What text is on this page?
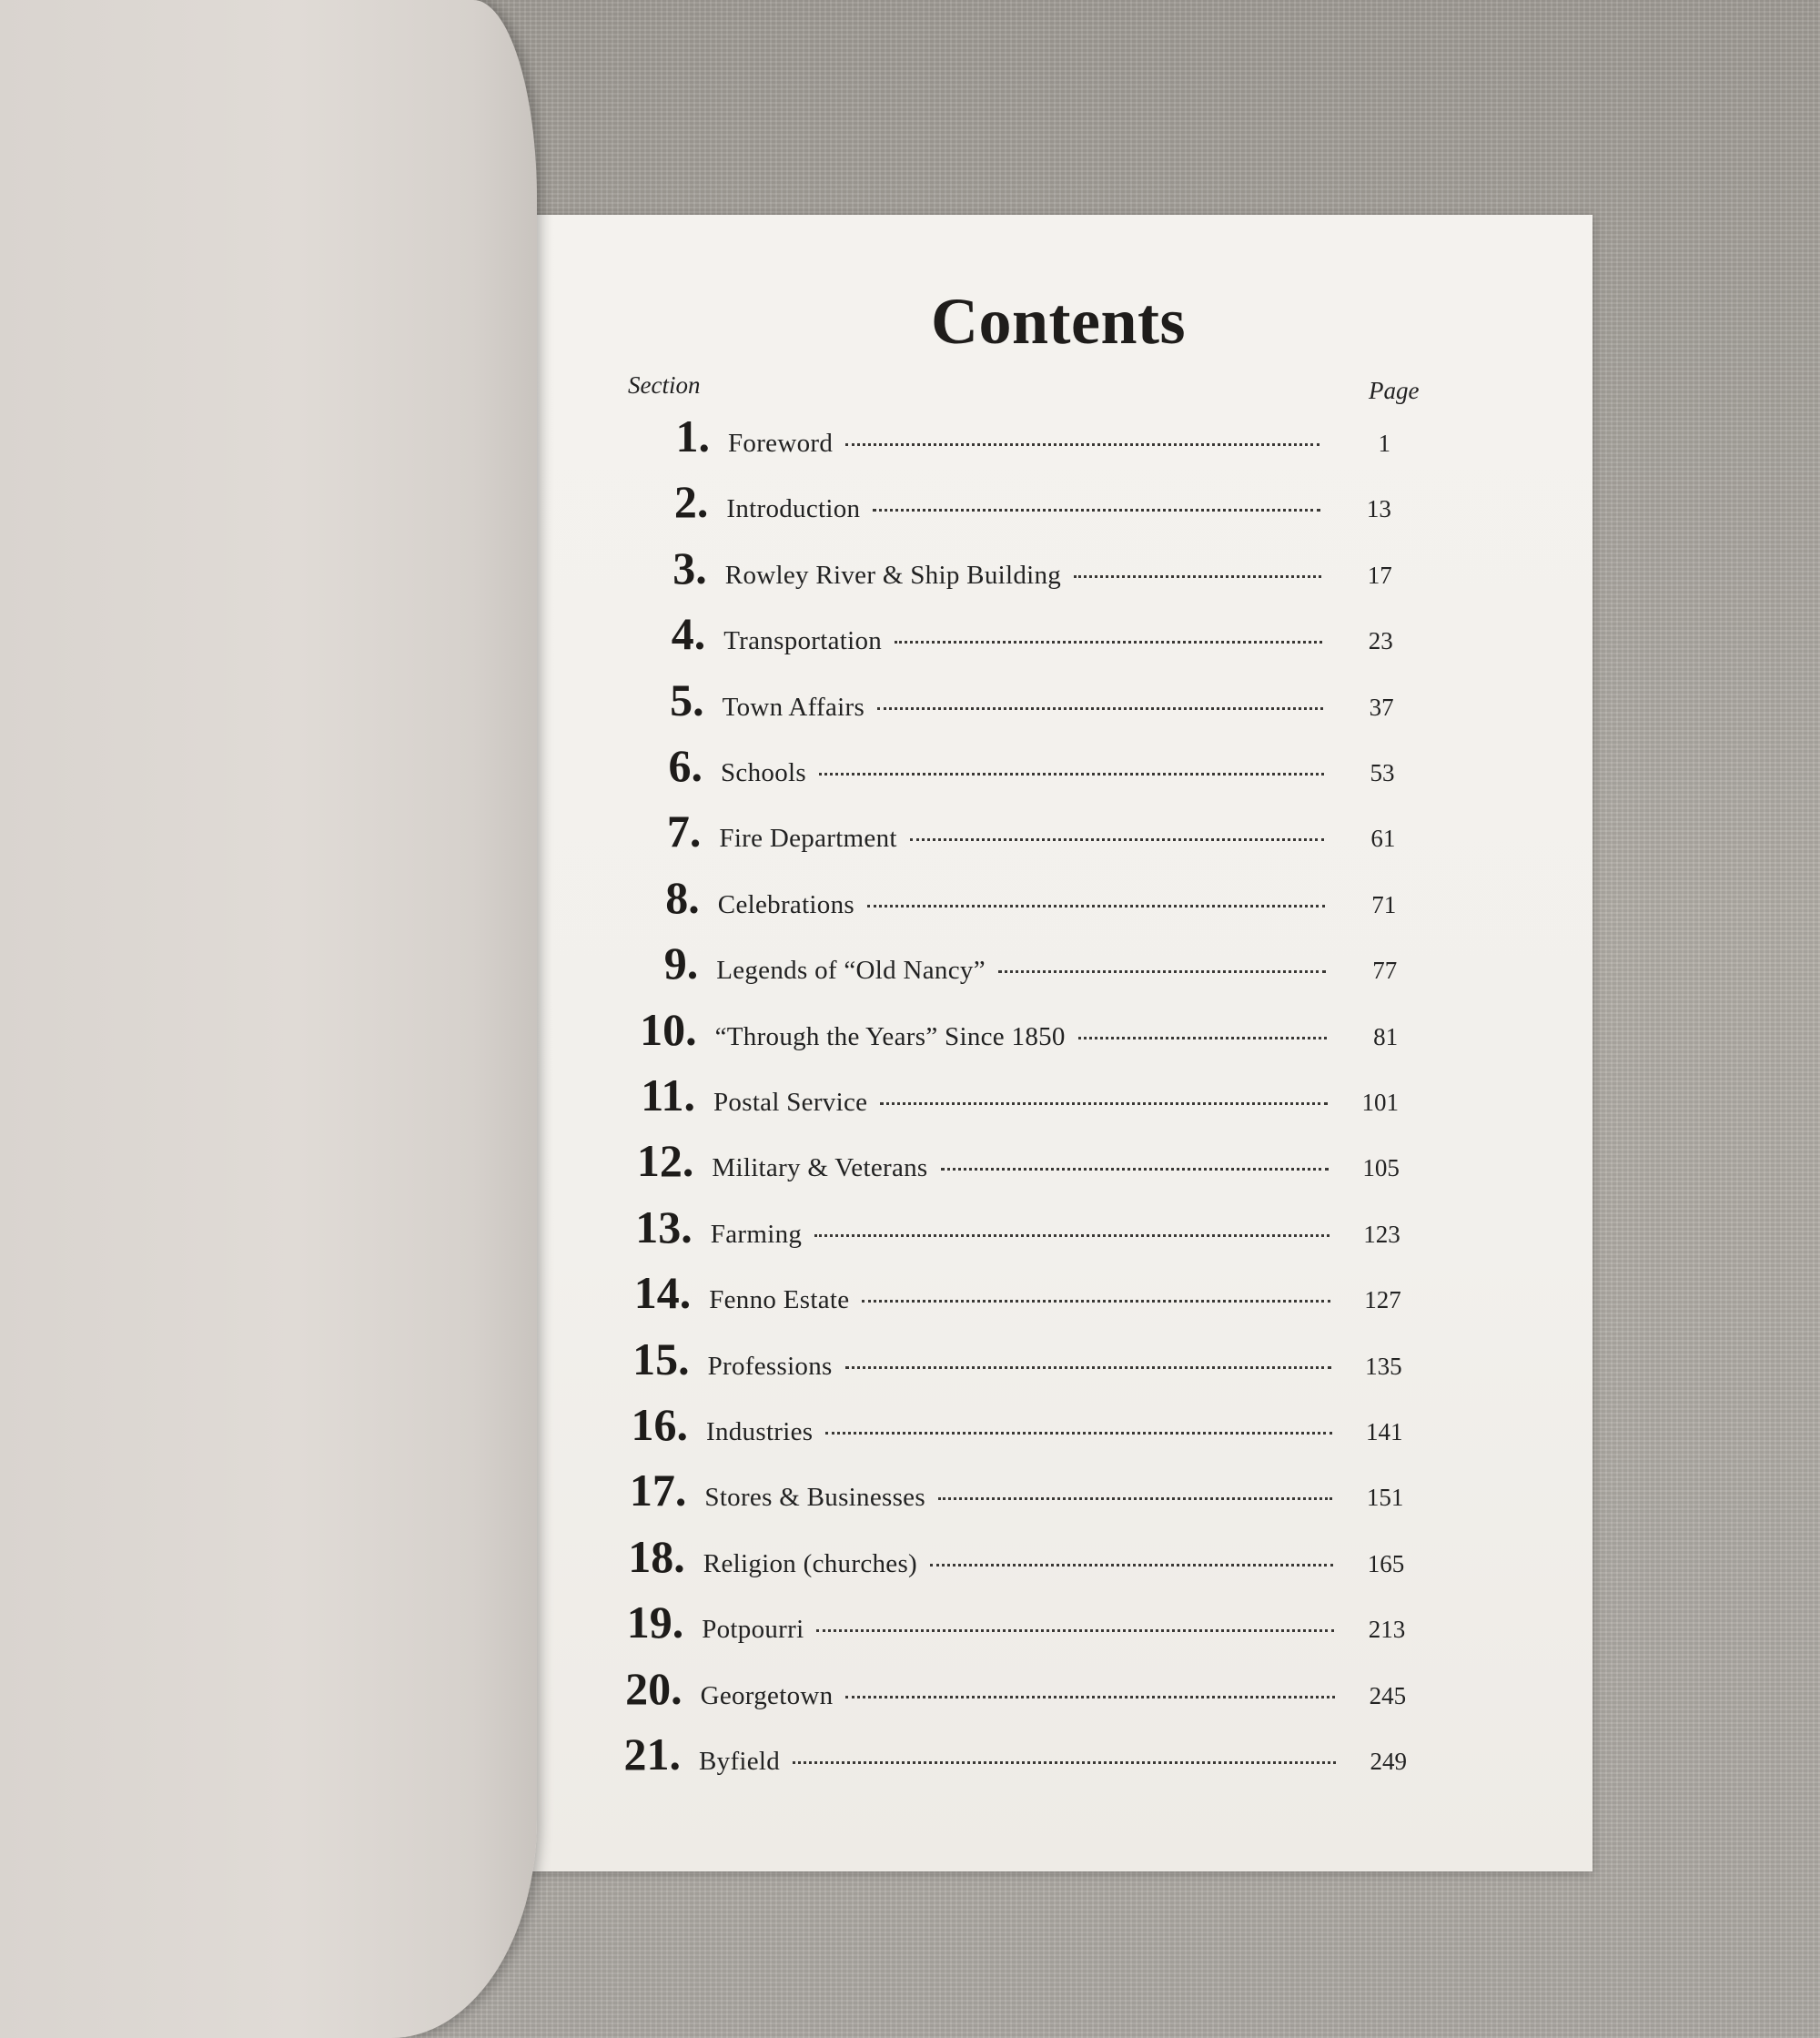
Contents
Section	Page
1. Foreword	1
2. Introduction	13
3. Rowley River & Ship Building	17
4. Transportation	23
5. Town Affairs	37
6. Schools	53
7. Fire Department	61
8. Celebrations	71
9. Legends of “Old Nancy”	77
10. “Through the Years” Since 1850	81
11. Postal Service	101
12. Military & Veterans	105
13. Farming	123
14. Fenno Estate	127
15. Professions	135
16. Industries	141
17. Stores & Businesses	151
18. Religion (churches)	165
19. Potpourri	213
20. Georgetown	245
21. Byfield	249
